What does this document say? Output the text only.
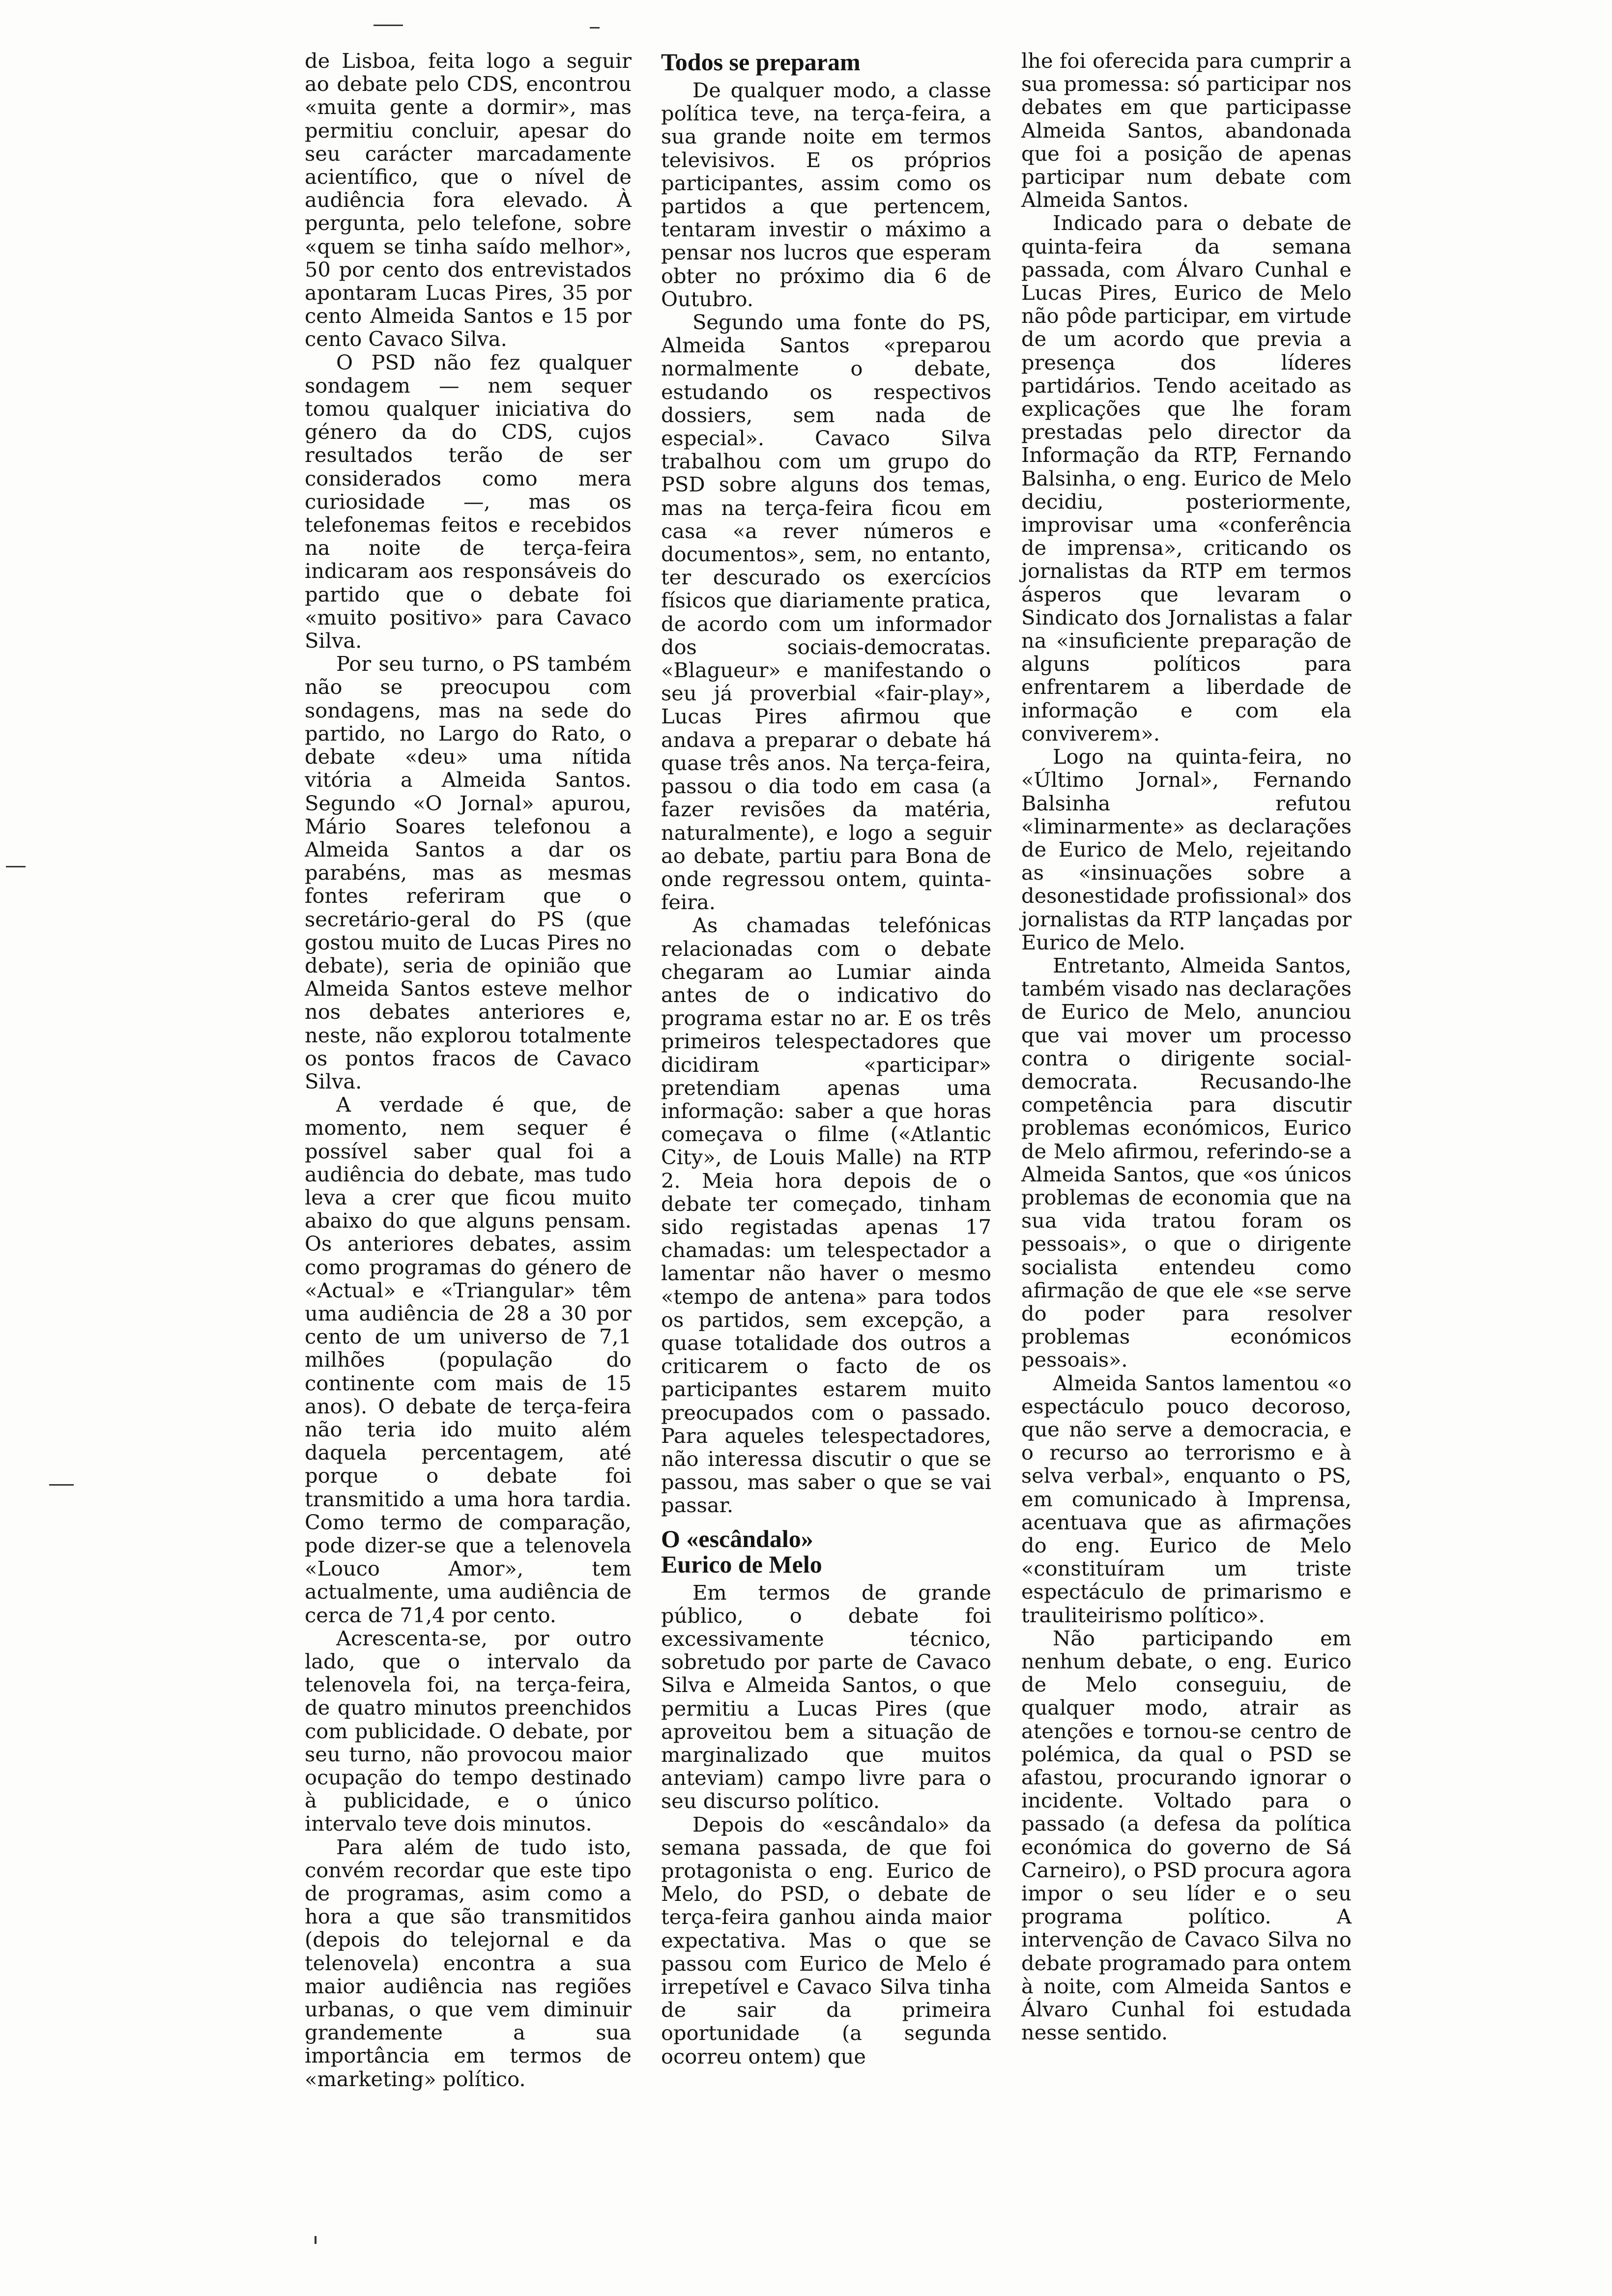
de Lisboa, feita logo a seguir ao debate pelo CDS, encontrou «muita gente a dormir», mas permitiu concluir, apesar do seu carácter marcadamente acientífico, que o nível de audiência fora elevado. À pergunta, pelo telefone, sobre «quem se tinha saído melhor», 50 por cento dos entrevistados apontaram Lucas Pires, 35 por cento Almeida Santos e 15 por cento Cavaco Silva.

O PSD não fez qualquer sondagem — nem sequer tomou qualquer iniciativa do género da do CDS, cujos resultados terão de ser considerados como mera curiosidade —, mas os telefonemas feitos e recebidos na noite de terça-feira indicaram aos responsáveis do partido que o debate foi «muito positivo» para Cavaco Silva.

Por seu turno, o PS também não se preocupou com sondagens, mas na sede do partido, no Largo do Rato, o debate «deu» uma nítida vitória a Almeida Santos. Segundo «O Jornal» apurou, Mário Soares telefonou a Almeida Santos a dar os parabéns, mas as mesmas fontes referiram que o secretário-geral do PS (que gostou muito de Lucas Pires no debate), seria de opinião que Almeida Santos esteve melhor nos debates anteriores e, neste, não explorou totalmente os pontos fracos de Cavaco Silva.

A verdade é que, de momento, nem sequer é possível saber qual foi a audiência do debate, mas tudo leva a crer que ficou muito abaixo do que alguns pensam. Os anteriores debates, assim como programas do género de «Actual» e «Triangular» têm uma audiência de 28 a 30 por cento de um universo de 7,1 milhões (população do continente com mais de 15 anos). O debate de terça-feira não teria ido muito além daquela percentagem, até porque o debate foi transmitido a uma hora tardia. Como termo de comparação, pode dizer-se que a telenovela «Louco Amor», tem actualmente, uma audiência de cerca de 71,4 por cento.

Acrescenta-se, por outro lado, que o intervalo da telenovela foi, na terça-feira, de quatro minutos preenchidos com publicidade. O debate, por seu turno, não provocou maior ocupação do tempo destinado à publicidade, e o único intervalo teve dois minutos.

Para além de tudo isto, convém recordar que este tipo de programas, asim como a hora a que são transmitidos (depois do telejornal e da telenovela) encontra a sua maior audiência nas regiões urbanas, o que vem diminuir grandemente a sua importância em termos de «marketing» político.

Todos se preparam

De qualquer modo, a classe política teve, na terça-feira, a sua grande noite em termos televisivos. E os próprios participantes, assim como os partidos a que pertencem, tentaram investir o máximo a pensar nos lucros que esperam obter no próximo dia 6 de Outubro.

Segundo uma fonte do PS, Almeida Santos «preparou normalmente o debate, estudando os respectivos dossiers, sem nada de especial». Cavaco Silva trabalhou com um grupo do PSD sobre alguns dos temas, mas na terça-feira ficou em casa «a rever números e documentos», sem, no entanto, ter descurado os exercícios físicos que diariamente pratica, de acordo com um informador dos sociais-democratas. «Blagueur» e manifestando o seu já proverbial «fair-play», Lucas Pires afirmou que andava a preparar o debate há quase três anos. Na terça-feira, passou o dia todo em casa (a fazer revisões da matéria, naturalmente), e logo a seguir ao debate, partiu para Bona de onde regressou ontem, quinta-feira.

As chamadas telefónicas relacionadas com o debate chegaram ao Lumiar ainda antes de o indicativo do programa estar no ar. E os três primeiros telespectadores que dicidiram «participar» pretendiam apenas uma informação: saber a que horas começava o filme («Atlantic City», de Louis Malle) na RTP 2. Meia hora depois de o debate ter começado, tinham sido registadas apenas 17 chamadas: um telespectador a lamentar não haver o mesmo «tempo de antena» para todos os partidos, sem excepção, a quase totalidade dos outros a criticarem o facto de os participantes estarem muito preocupados com o passado. Para aqueles telespectadores, não interessa discutir o que se passou, mas saber o que se vai passar.

O «escândalo»
Eurico de Melo

Em termos de grande público, o debate foi excessivamente técnico, sobretudo por parte de Cavaco Silva e Almeida Santos, o que permitiu a Lucas Pires (que aproveitou bem a situação de marginalizado que muitos anteviam) campo livre para o seu discurso político.

Depois do «escândalo» da semana passada, de que foi protagonista o eng. Eurico de Melo, do PSD, o debate de terça-feira ganhou ainda maior expectativa. Mas o que se passou com Eurico de Melo é irrepetível e Cavaco Silva tinha de sair da primeira oportunidade (a segunda ocorreu ontem) que

lhe foi oferecida para cumprir a sua promessa: só participar nos debates em que participasse Almeida Santos, abandonada que foi a posição de apenas participar num debate com Almeida Santos.

Indicado para o debate de quinta-feira da semana passada, com Álvaro Cunhal e Lucas Pires, Eurico de Melo não pôde participar, em virtude de um acordo que previa a presença dos líderes partidários. Tendo aceitado as explicações que lhe foram prestadas pelo director da Informação da RTP, Fernando Balsinha, o eng. Eurico de Melo decidiu, posteriormente, improvisar uma «conferência de imprensa», criticando os jornalistas da RTP em termos ásperos que levaram o Sindicato dos Jornalistas a falar na «insuficiente preparação de alguns políticos para enfrentarem a liberdade de informação e com ela conviverem».

Logo na quinta-feira, no «Último Jornal», Fernando Balsinha refutou «liminarmente» as declarações de Eurico de Melo, rejeitando as «insinuações sobre a desonestidade profissional» dos jornalistas da RTP lançadas por Eurico de Melo.

Entretanto, Almeida Santos, também visado nas declarações de Eurico de Melo, anunciou que vai mover um processo contra o dirigente social-democrata. Recusando-lhe competência para discutir problemas económicos, Eurico de Melo afirmou, referindo-se a Almeida Santos, que «os únicos problemas de economia que na sua vida tratou foram os pessoais», o que o dirigente socialista entendeu como afirmação de que ele «se serve do poder para resolver problemas económicos pessoais».

Almeida Santos lamentou «o espectáculo pouco decoroso, que não serve a democracia, e o recurso ao terrorismo e à selva verbal», enquanto o PS, em comunicado à Imprensa, acentuava que as afirmações do eng. Eurico de Melo «constituíram um triste espectáculo de primarismo e trauliteirismo político».

Não participando em nenhum debate, o eng. Eurico de Melo conseguiu, de qualquer modo, atrair as atenções e tornou-se centro de polémica, da qual o PSD se afastou, procurando ignorar o incidente. Voltado para o passado (a defesa da política económica do governo de Sá Carneiro), o PSD procura agora impor o seu líder e o seu programa político. A intervenção de Cavaco Silva no debate programado para ontem à noite, com Almeida Santos e Álvaro Cunhal foi estudada nesse sentido.
